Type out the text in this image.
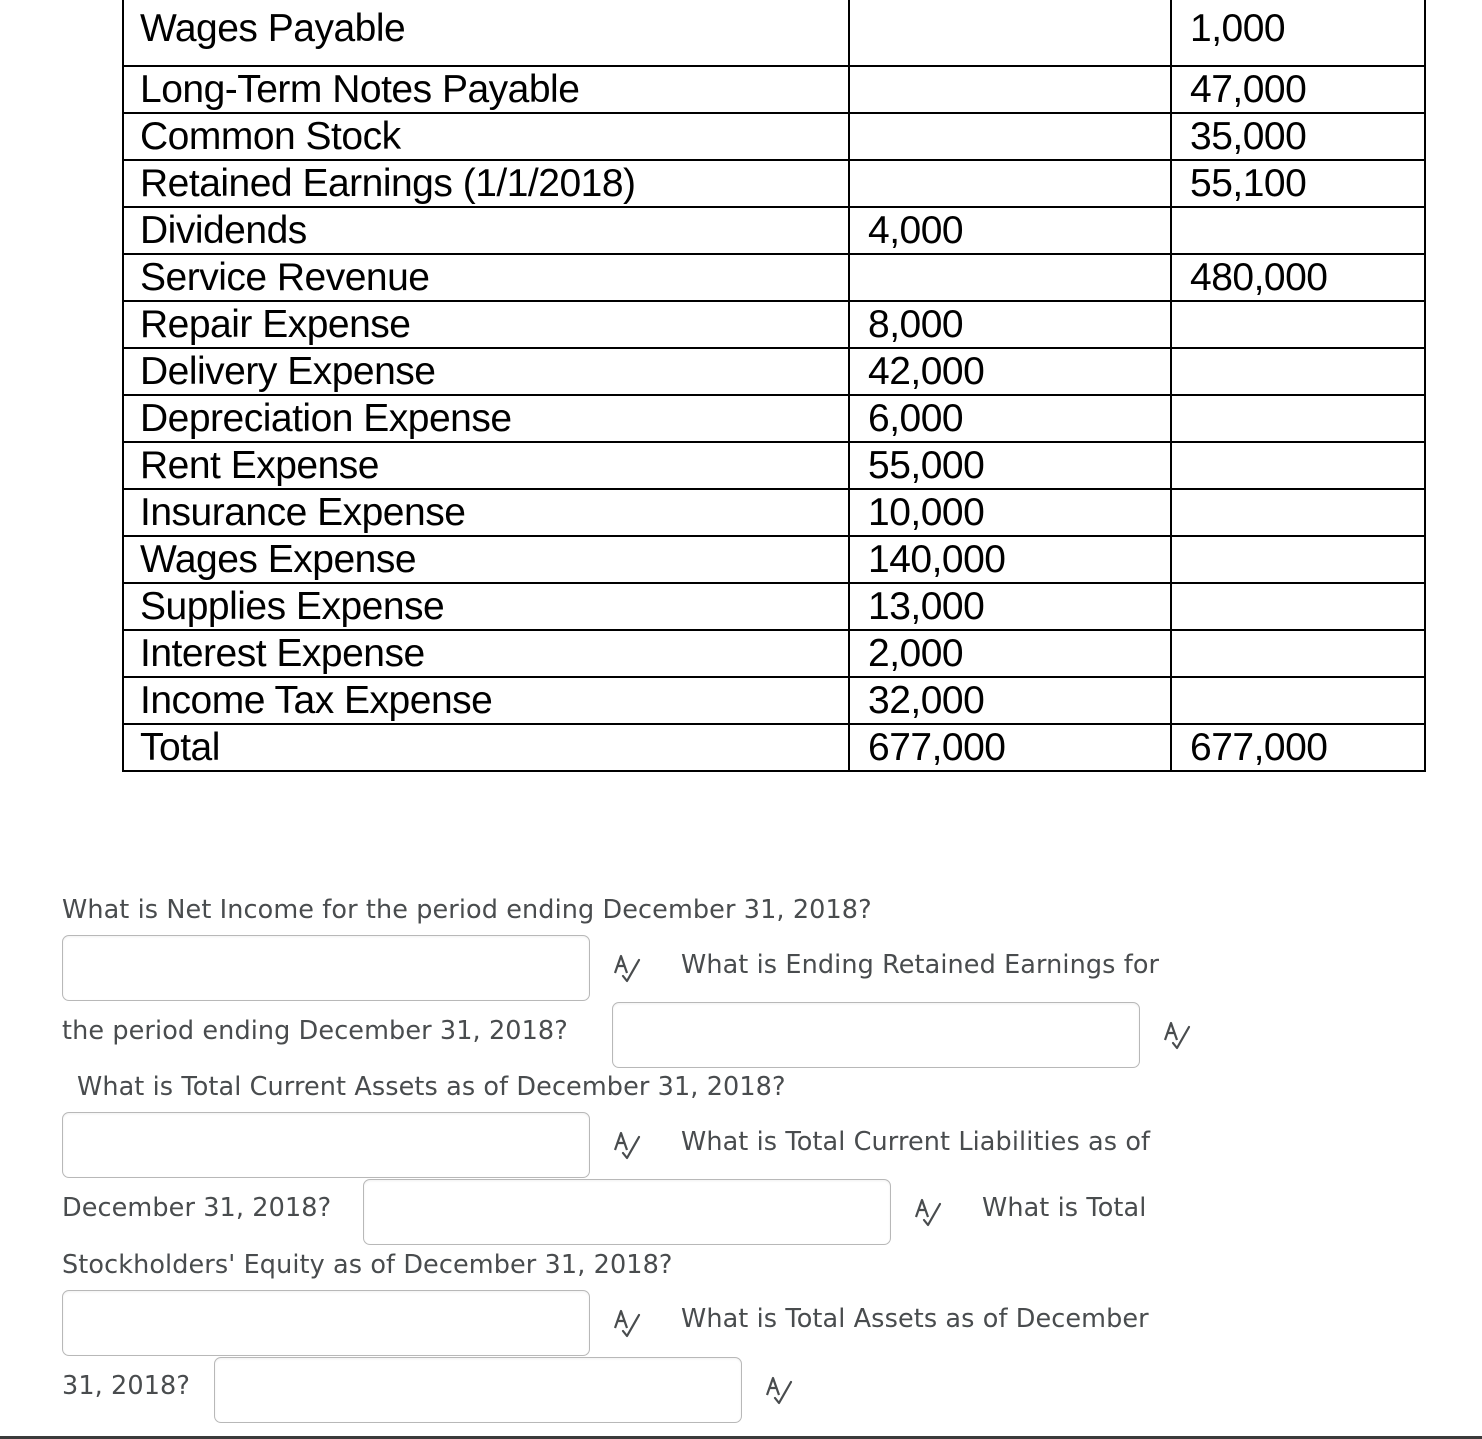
Wages Payable		1,000
Long-Term Notes Payable		47,000
Common Stock		35,000
Retained Earnings (1/1/2018)		55,100
Dividends	4,000	
Service Revenue		480,000
Repair Expense	8,000	
Delivery Expense	42,000	
Depreciation Expense	6,000	
Rent Expense	55,000	
Insurance Expense	10,000	
Wages Expense	140,000	
Supplies Expense	13,000	
Interest Expense	2,000	
Income Tax Expense	32,000	
Total	677,000	677,000
What is Net Income for the period ending December 31, 2018?
What is Ending Retained Earnings for
the period ending December 31, 2018?
What is Total Current Assets as of December 31, 2018?
What is Total Current Liabilities as of
December 31, 2018?	What is Total
Stockholders' Equity as of December 31, 2018?
What is Total Assets as of December
31, 2018?
